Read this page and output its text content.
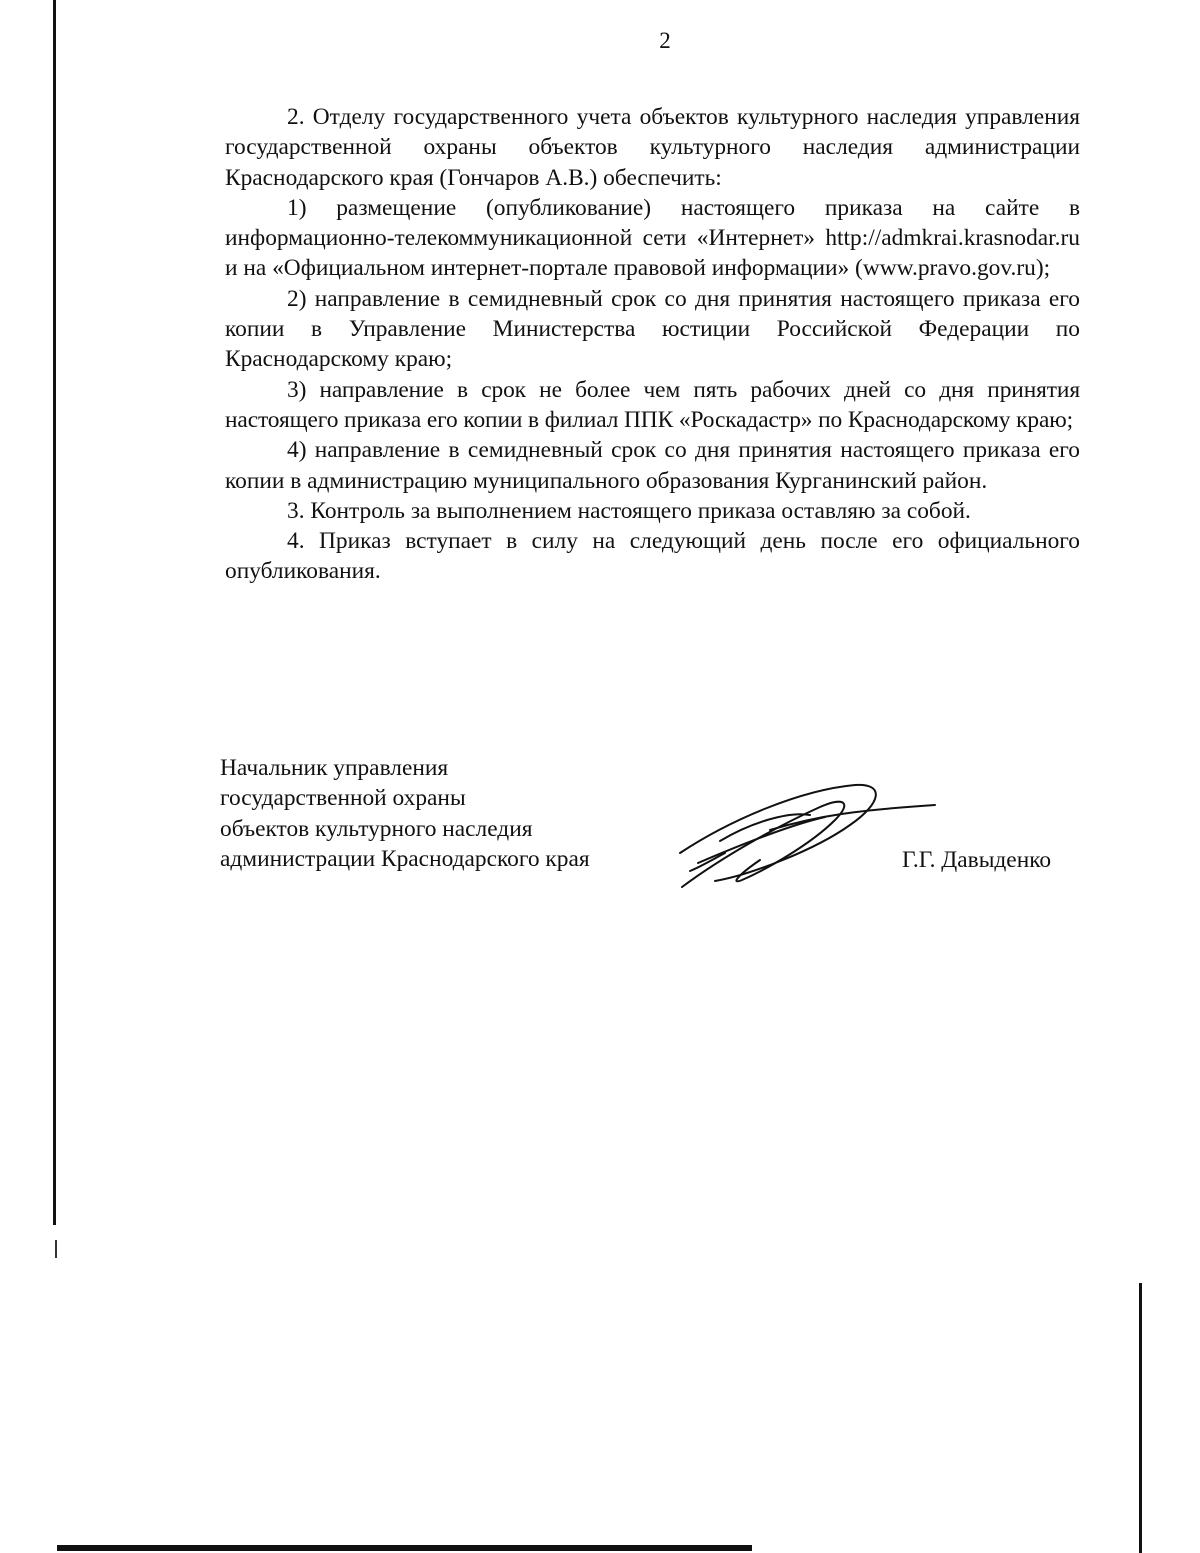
2

2. Отделу государственного учета объектов культурного наследия управления государственной охраны объектов культурного наследия администрации Краснодарского края (Гончаров А.В.) обеспечить:

1) размещение (опубликование) настоящего приказа на сайте в информационно-телекоммуникационной сети «Интернет» http://admkrai.krasnodar.ru и на «Официальном интернет-портале правовой информации» (www.pravo.gov.ru);

2) направление в семидневный срок со дня принятия настоящего приказа его копии в Управление Министерства юстиции Российской Федерации по Краснодарскому краю;

3) направление в срок не более чем пять рабочих дней со дня принятия настоящего приказа его копии в филиал ППК «Роскадастр» по Краснодарскому краю;

4) направление в семидневный срок со дня принятия настоящего приказа его копии в администрацию муниципального образования Курганинский район.

3. Контроль за выполнением настоящего приказа оставляю за собой.

4. Приказ вступает в силу на следующий день после его официального опубликования.

Начальник управления
государственной охраны
объектов культурного наследия
администрации Краснодарского края	Г.Г. Давыденко
